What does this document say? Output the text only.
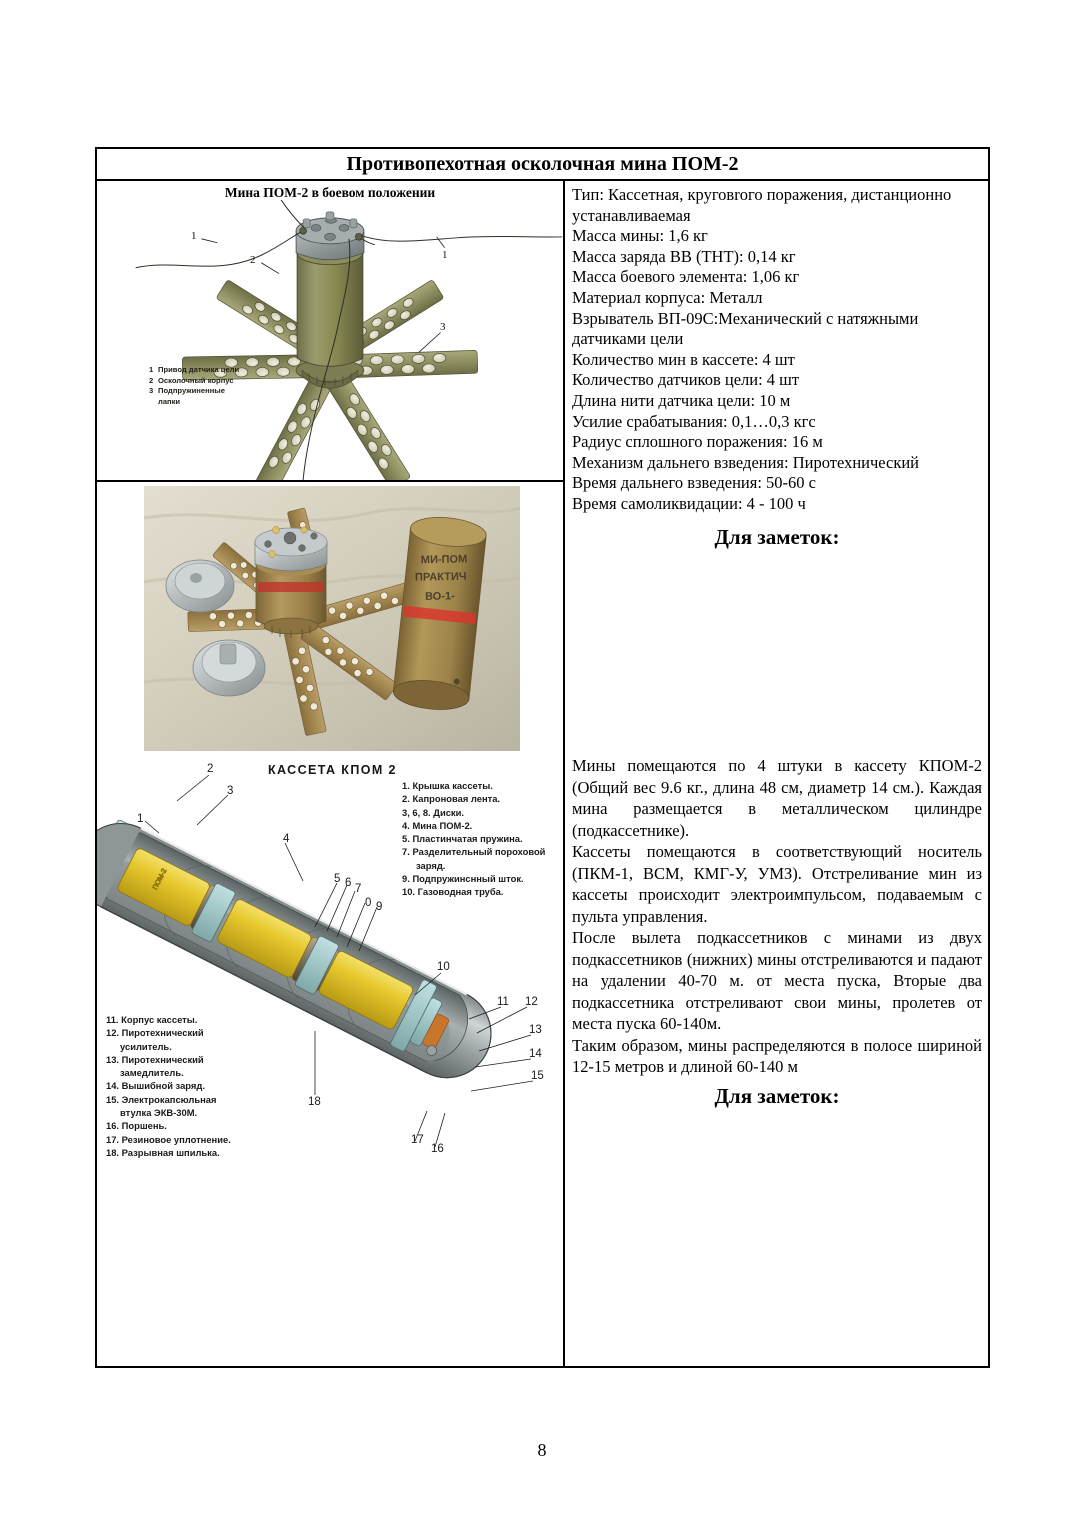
Противопехотная осколочная мина ПОМ-2
Мина ПОМ-2 в боевом положении
1
1
2
3
1 Привод датчика цели
2 Осколочный корпус
3 Подпружиненные
лапки
МИ-ПОМ
ПРАКТИЧ
ВО-1-
Тип: Кассетная, круговrого поражения, дистанционно
устанавливаемая
Масса мины: 1,6 кг
Масса заряда ВВ (ТНТ): 0,14 кг
Масса боевого элемента: 1,06 кг
Материал корпуса: Металл
Взрыватель ВП-09С:Механический с натяжными
датчиками цели
Количество мин в кассете: 4 шт
Количество датчиков цели: 4 шт
Длина нити датчика цели: 10 м
Усилие срабатывания: 0,1…0,3 кгс
Радиус сплошного поражения: 16 м
Механизм дальнего взведения: Пиротехнический
Время дальнего взведения: 50-60 с
Время самоликвидации: 4 - 100 ч
Для заметок:
ПОМ-2
КАССЕТА КПОМ 2
1. Крышка кассеты.
2. Капроновая лента.
3, 6, 8. Диски.
4. Мина ПОМ-2.
5. Пластинчатая пружина.
7. Разделительный пороховой
заряд.
9. Подпружинснный шток.
10. Газоводная труба.
11. Корпус кассеты.
12. Пиротехнический
усилитель.
13. Пиротехнический
замедлитель.
14. Вышибной заряд.
15. Электрокапсюльная
втулка ЭКВ-30М.
16. Поршень.
17. Резиновое уплотнение.
18. Разрывная шпилька.
1
2
3
4
5 6 7
0 9
10
11 12
13
14
15
17
16
18

Мины помещаются по 4 штуки в кассету КПОМ-2 (Общий вес 9.6 кг., длина 48 см, диаметр 14 см.). Каждая мина размещается в металлическом цилиндре (подкассетнике).

Кассеты помещаются в соответствующий носитель (ПКМ-1, ВСМ, КМГ-У, УМЗ). Отстреливание мин из кассеты происходит электроимпульсом, подаваемым с пульта управления.

После вылета подкассетников с минами из двух подкассетников (нижних) мины отстреливаются и падают на удалении 40-70 м. от места пуска, Вторые два подкассетника отстреливают свои мины, пролетев от места пуска 60-140м.

Таким образом, мины распределяются в полосе шириной 12-15 метров и длиной 60-140 м

Для заметок:
8
